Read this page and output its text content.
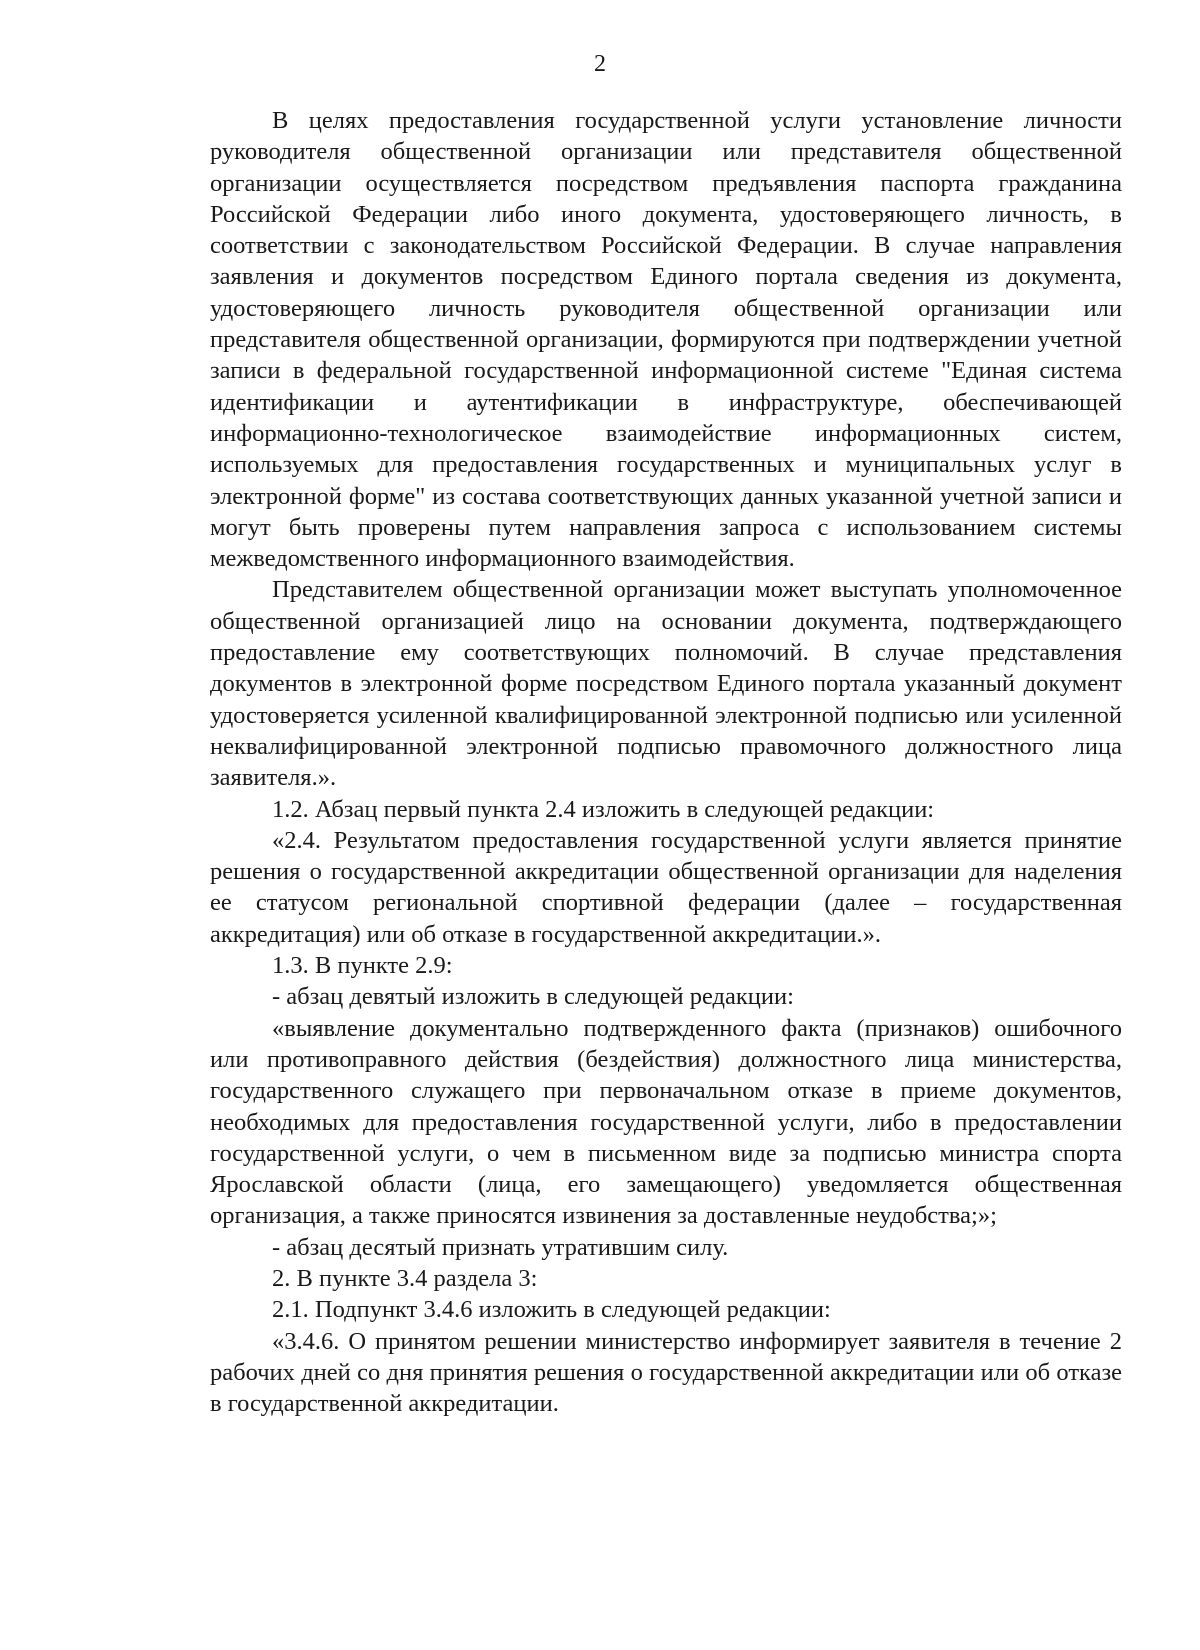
2

В целях предоставления государственной услуги установление личности руководителя общественной организации или представителя общественной организации осуществляется посредством предъявления паспорта гражданина Российской Федерации либо иного документа, удостоверяющего личность, в соответствии с законодательством Российской Федерации. В случае направления заявления и документов посредством Единого портала сведения из документа, удостоверяющего личность руководителя общественной организации или представителя общественной организации, формируются при подтверждении учетной записи в федеральной государственной информационной системе "Единая система идентификации и аутентификации в инфраструктуре, обеспечивающей информационно-технологическое взаимодействие информационных систем, используемых для предоставления государственных и муниципальных услуг в электронной форме" из состава соответствующих данных указанной учетной записи и могут быть проверены путем направления запроса с использованием системы межведомственного информационного взаимодействия.

Представителем общественной организации может выступать уполномоченное общественной организацией лицо на основании документа, подтверждающего предоставление ему соответствующих полномочий. В случае представления документов в электронной форме посредством Единого портала указанный документ удостоверяется усиленной квалифицированной электронной подписью или усиленной неквалифицированной электронной подписью правомочного должностного лица заявителя.».

1.2. Абзац первый пункта 2.4 изложить в следующей редакции:

«2.4. Результатом предоставления государственной услуги является принятие решения о государственной аккредитации общественной организации для наделения ее статусом региональной спортивной федерации (далее – государственная аккредитация) или об отказе в государственной аккредитации.».

1.3. В пункте 2.9:

- абзац девятый изложить в следующей редакции:

«выявление документально подтвержденного факта (признаков) ошибочного или противоправного действия (бездействия) должностного лица министерства, государственного служащего при первоначальном отказе в приеме документов, необходимых для предоставления государственной услуги, либо в предоставлении государственной услуги, о чем в письменном виде за подписью министра спорта Ярославской области (лица, его замещающего) уведомляется общественная организация, а также приносятся извинения за доставленные неудобства;»;

- абзац десятый признать утратившим силу.

2. В пункте 3.4 раздела 3:

2.1. Подпункт 3.4.6 изложить в следующей редакции:

«3.4.6. О принятом решении министерство информирует заявителя в течение 2 рабочих дней со дня принятия решения о государственной аккредитации или об отказе в государственной аккредитации.
